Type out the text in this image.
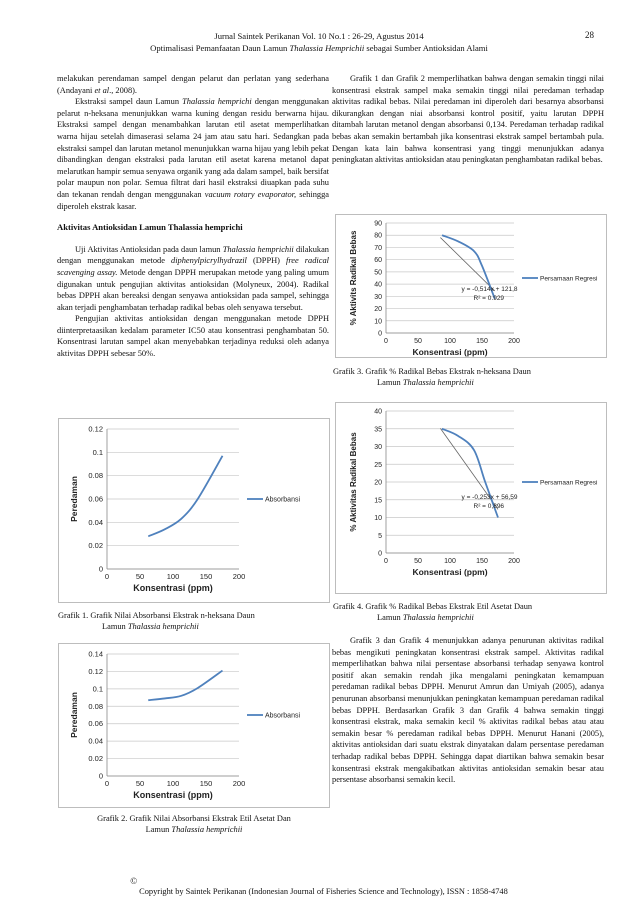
Jurnal Saintek Perikanan Vol. 10 No.1 : 26-29, Agustus 2014
Optimalisasi Pemanfaatan Daun Lamun Thalassia Hemprichii sebagai Sumber Antioksidan Alami
28

melakukan perendaman sampel dengan pelarut dan perlatan yang sederhana (Andayani et al., 2008).

Ekstraksi sampel daun Lamun Thalassia hemprichi dengan menggunakan pelarut n-heksana menunjukkan warna kuning dengan residu berwarna hijau. Ekstraksi sampel dengan menambahkan larutan etil asetat memperlihatkan warna hijau setelah dimaserasi selama 24 jam atau satu hari. Sedangkan pada ekstraksi sampel dan larutan metanol menunjukkan warna hijau yang lebih pekat dibandingkan dengan ekstraksi pada larutan etil asetat karena metanol dapat melarutkan hampir semua senyawa organik yang ada dalam sampel, baik bersifat polar maupun non polar. Semua filtrat dari hasil ekstraksi diuapkan pada suhu dan tekanan rendah dengan menggunakan vacuum rotary evaporator, sehingga diperoleh ekstrak kasar.

Aktivitas Antioksidan Lamun Thalassia hemprichi

Uji Aktivitas Antioksidan pada daun lamun Thalassia hemprichii dilakukan dengan menggunakan metode diphenylpicrylhydrazil (DPPH) free radical scavenging assay. Metode dengan DPPH merupakan metode yang paling umum digunakan untuk pengujian aktivitas antioksidan (Molyneux, 2004). Radikal bebas DPPH akan bereaksi dengan senyawa antioksidan pada sampel, sehingga akan terjadi penghambatan terhadap radikal bebas oleh senyawa tersebut.

Pengujian aktivitas antioksidan dengan menggunakan metode DPPH diinterpretaasikan kedalam parameter IC50 atau konsentrasi penghambatan 50. Konsentrasi larutan sampel akan menyebabkan terjadinya reduksi oleh adanya aktivitas DPPH sebesar 50%.

Grafik 1 dan Grafik 2 memperlihatkan bahwa dengan semakin tinggi nilai konsentrasi ekstrak sampel maka semakin tinggi nilai peredaman terhadap aktivitas radikal bebas. Nilai peredaman ini diperoleh dari besarnya absorbansi dikurangkan dengan niai absorbansi kontrol positif, yaitu larutan DPPH ditambah larutan metanol dengan absorbansi 0,134. Peredaman terhadap radikal bebas akan semakin bertambah jika konsentrasi ekstrak sampel bertambah pula. Dengan kata lain bahwa konsentrasi yang tinggi menunjukkan adanya peningkatan aktivitas antioksidan atau peningkatan penghambatan radikal bebas.

0
0.02
0.04
0.06
0.08
0.1
0.12
0	50	100	150	200
Konsentrasi (ppm)
Peredaman	Absorbansi
Grafik 1. Grafik Nilai Absorbansi Ekstrak n-heksana Daun
Lamun Thalassia hemprichii
0
0.02
0.04
0.06
0.08
0.1
0.12
0.14
0	50	100	150	200
Konsentrasi (ppm)
Peredaman	Absorbansi
Grafik 2. Grafik Nilai Absorbansi Ekstrak Etil Asetat Dan
Lamun Thalassia hemprichii
0
10
20
30
40
50
60
70
80
90
0	50	100	150	200
Konsentrasi (ppm)
% Aktivits Radikal Bebas	Persamaan Regresi
y = -0,514x + 121,8
R² = 0.929
Grafik 3. Grafik % Radikal Bebas Ekstrak n-heksana Daun
Lamun Thalassia hemprichii
0
5
10
15
20
25
30
35
40
0	50	100	150	200
Konsentrasi (ppm)
% Aktivitas Radikal Bebas	Persamaan Regresi
y = -0,253x + 56,59
R² = 0,896
Grafik 4. Grafik % Radikal Bebas Ekstrak Etil Asetat Daun
Lamun Thalassia hemprichii

Grafik 3 dan Grafik 4 menunjukkan adanya penurunan aktivitas radikal bebas mengikuti peningkatan konsentrasi ekstrak sampel. Aktivitas radikal memperlihatkan bahwa nilai persentase absorbansi terhadap senyawa kontrol positif akan semakin rendah jika mengalami peningkatan kemampuan peredaman radikal bebas DPPH. Menurut Amrun dan Umiyah (2005), adanya penurunan absorbansi menunjukkan peningkatan kemampuan peredaman radikal bebas DPPH. Berdasarkan Grafik 3 dan Grafik 4 bahwa semakin tinggi konsentrasi ekstrak, maka semakin kecil % aktivitas radikal bebas atau atau semakin besar % peredaman radikal bebas DPPH. Menurut Hanani (2005), aktivitas antioksidan dari suatu ekstrak dinyatakan dalam persentase peredaman terhadap radikal bebas DPPH. Sehingga dapat diartikan bahwa semakin besar konsentrasi ekstrak mengakibatkan aktivitas antioksidan semakin besar atau persentase absorbansi semakin kecil.

© Copyright by Saintek Perikanan (Indonesian Journal of Fisheries Science and Technology), ISSN : 1858-4748
